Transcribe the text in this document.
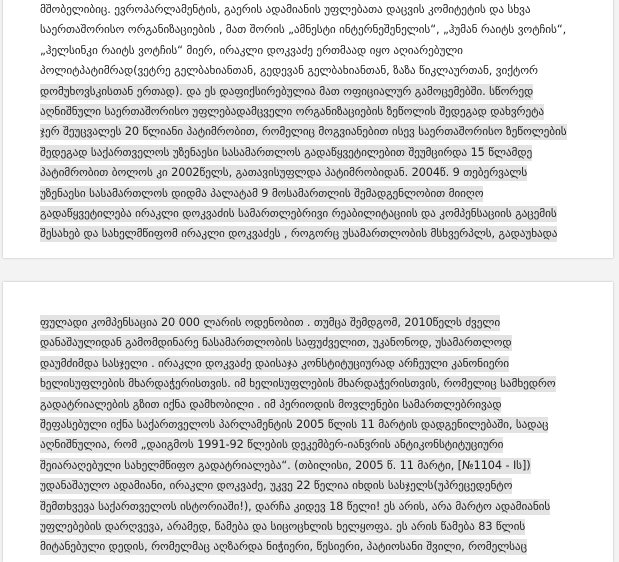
მშობელიბიც. ევროპარლამენტის, გაერის ადამიანის უფლებათა დაცვის კომიტეტის და სხვა
საერთაშორისო ორგანიზაციების , მათ შორის „ამნესტი ინტერნეშენელის“, „ჰუმან რაიტს ვოტჩის“,
„ჰელსინკი რაიტს ვოტჩის“ მიერ, ირაკლი დოკვაძე ერთმაად იყო აღიარებული
პოლიტპატიმრად(ვეტრე გელბახიანთან, გედევან გელბახიანთან, ზაზა წიკლაურთან, ვიქტორ
დომუხოვსკისთან ერთად). და ეს დაფიქსირებულია მათ ოფიციალურ გამოცემებში. სწორედ
აღნიშნული საერთაშორისო უფლებადამცველი ორგანიზაციების ზეწოლის შედეგად დახვრეტა
ჯერ შეუცვალეს 20 წლიანი პატიმრობით, რომელიც მოგვიანებით ისევ საერთაშორისო ზეწოლების
შედეგად საქართველოს უზენაესი სასამართლოს გადაწყვეტილებით შეუმცირდა 15 წლამდე
პატიმრობით ბოლოს კი 2002წელს, გათავისუფლდა პატიმრობიდან. 2004წ. 9 თებერვალს
უზენაესი სასამართლოს დიდმა პალატამ 9 მოსამართლის შემადგენლობით მიიღო
გადაწყვეტილება ირაკლი დოკვაძის სამართლებრივი რეაბილიტაციის და კომპენსაციის გაცემის
შესახებ და სახელმწიფომ ირაკლი დოკვაძეს , როგორც უსამართლობის მსხვერპლს, გადაუხადა
ფულადი კომპენსაცია 20 000 ლარის ოდენობით . თუმცა შემდგომ, 2010წელს ძველი
დანაშაულიდან გამომდინარე ნასამართლობის საფუძველით, უკანონოდ, უსამართლოდ
დაუმძიმდა სასჯელი . ირაკლი დოკვაძე დაისაჯა კონსტიტუციურად არჩეული კანონიერი
ხელისუფლების მხარდაჭერისთვის. იმ ხელისუფლების მხარდაჭერისთვის, რომელიც სამხედრო
გადატრიალების გზით იქნა დამხობილი . იმ პერიოდის მოვლენები სამართლებრივად
შეფასებული იქნა საქართველოს პარლამენტის 2005 წლის 11 მარტის დადგენილებაში, სადაც
აღნიშნულია, რომ „დაიგმოს 1991-92 წლების დეკემბერ-იანვრის ანტიკონსტიტუციური
შეიარაღებული სახელმწიფო გადატრიალება“. (თბილისი, 2005 წ. 11 მარტი, [№1104 - Iს])
უდანაშაულო ადამიანი, ირაკლი დოკვაძე, უკვე 22 წელია იხდის სასჯელს(უპრეცედენტო
შემთხვევა საქართველოს ისტორიაში!), დარჩა კიდევ 18 წელი! ეს არის, არა მარტო ადამიანის
უფლებების დარღვევა, არამედ, წამება და სიცოცხლის ხელყოფა. ეს არის წამება 83 წლის
მიტანებული დედის, რომელმაც აღზარდა ნიჭიერი, წესიერი, პატიოსანი შვილი, რომელსაც
